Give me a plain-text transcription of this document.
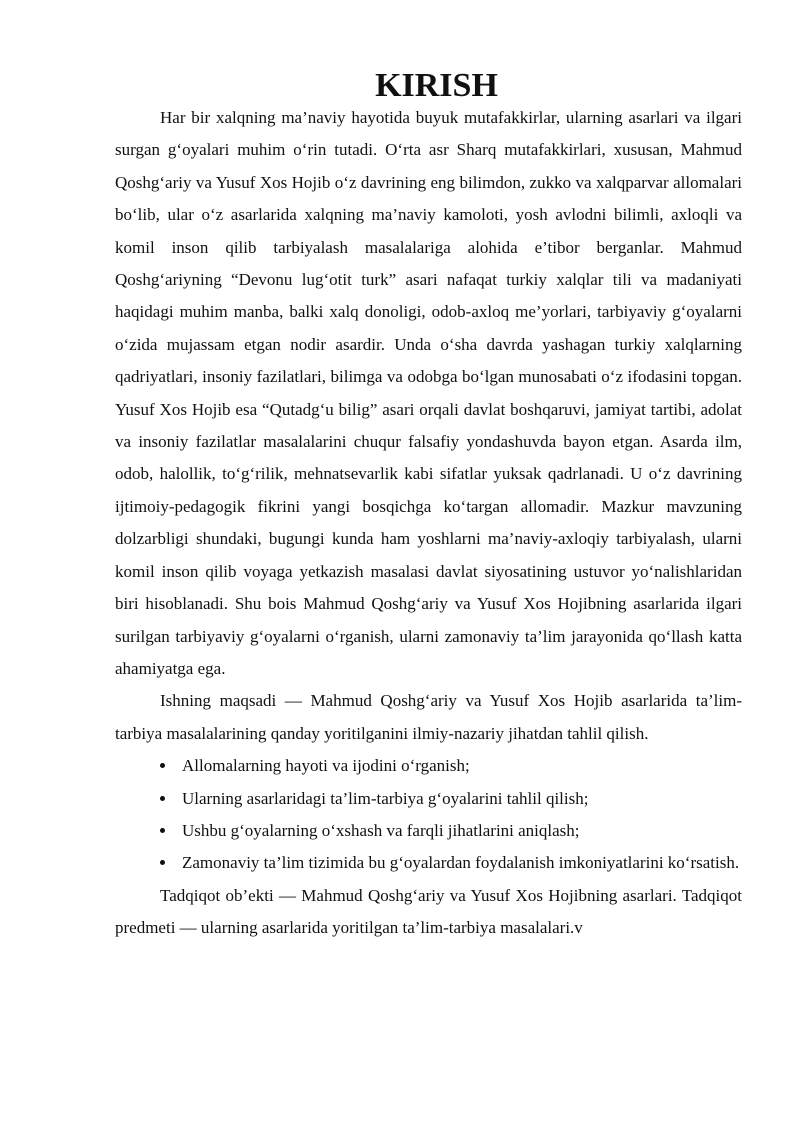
KIRISH

Har bir xalqning ma’naviy hayotida buyuk mutafakkirlar, ularning asarlari va ilgari surgan g‘oyalari muhim o‘rin tutadi. O‘rta asr Sharq mutafakkirlari, xususan, Mahmud Qoshg‘ariy va Yusuf Xos Hojib o‘z davrining eng bilimdon, zukko va xalqparvar allomalari bo‘lib, ular o‘z asarlarida xalqning ma’naviy kamoloti, yosh avlodni bilimli, axloqli va komil inson qilib tarbiyalash masalalariga alohida e’tibor berganlar. Mahmud Qoshg‘ariyning “Devonu lug‘otit turk” asari nafaqat turkiy xalqlar tili va madaniyati haqidagi muhim manba, balki xalq donoligi, odob-axloq me’yorlari, tarbiyaviy g‘oyalarni o‘zida mujassam etgan nodir asardir. Unda o‘sha davrda yashagan turkiy xalqlarning qadriyatlari, insoniy fazilatlari, bilimga va odobga bo‘lgan munosabati o‘z ifodasini topgan. Yusuf Xos Hojib esa “Qutadg‘u bilig” asari orqali davlat boshqaruvi, jamiyat tartibi, adolat va insoniy fazilatlar masalalarini chuqur falsafiy yondashuvda bayon etgan. Asarda ilm, odob, halollik, to‘g‘rilik, mehnatsevarlik kabi sifatlar yuksak qadrlanadi. U o‘z davrining ijtimoiy-pedagogik fikrini yangi bosqichga ko‘targan allomadir. Mazkur mavzuning dolzarbligi shundaki, bugungi kunda ham yoshlarni ma’naviy-axloqiy tarbiyalash, ularni komil inson qilib voyaga yetkazish masalasi davlat siyosatining ustuvor yo‘nalishlaridan biri hisoblanadi. Shu bois Mahmud Qoshg‘ariy va Yusuf Xos Hojibning asarlarida ilgari surilgan tarbiyaviy g‘oyalarni o‘rganish, ularni zamonaviy ta’lim jarayonida qo‘llash katta ahamiyatga ega.

Ishning maqsadi — Mahmud Qoshg‘ariy va Yusuf Xos Hojib asarlarida ta’lim-tarbiya masalalarining qanday yoritilganini ilmiy-nazariy jihatdan tahlil qilish.

Allomalarning hayoti va ijodini o‘rganish;
Ularning asarlaridagi ta’lim-tarbiya g‘oyalarini tahlil qilish;
Ushbu g‘oyalarning o‘xshash va farqli jihatlarini aniqlash;
Zamonaviy ta’lim tizimida bu g‘oyalardan foydalanish imkoniyatlarini ko‘rsatish.

Tadqiqot ob’ekti — Mahmud Qoshg‘ariy va Yusuf Xos Hojibning asarlari. Tadqiqot predmeti — ularning asarlarida yoritilgan ta’lim-tarbiya masalalari.v
